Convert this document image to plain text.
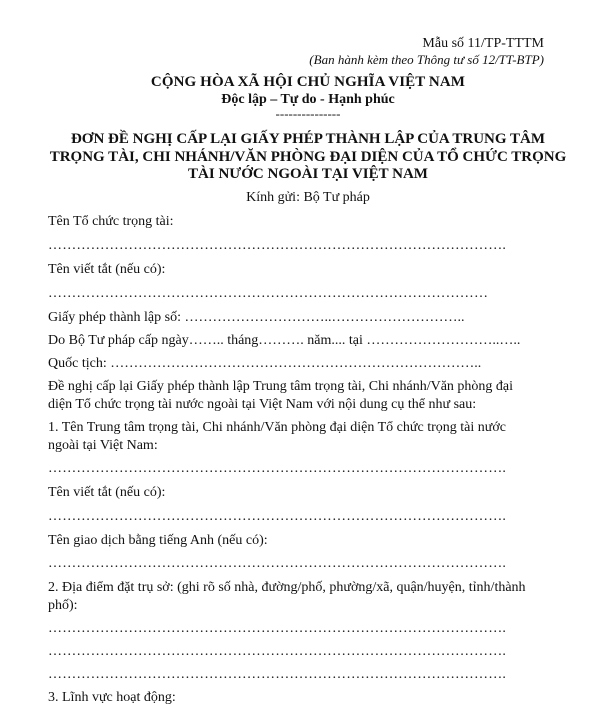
Mẫu số 11/TP-TTTM
(Ban hành kèm theo Thông tư số 12/TT-BTP)
CỘNG HÒA XÃ HỘI CHỦ NGHĨA VIỆT NAM
Độc lập – Tự do - Hạnh phúc
---------------
ĐƠN ĐỀ NGHỊ CẤP LẠI GIẤY PHÉP THÀNH LẬP CỦA TRUNG TÂM
TRỌNG TÀI, CHI NHÁNH/VĂN PHÒNG ĐẠI DIỆN CỦA TỔ CHỨC TRỌNG
TÀI NƯỚC NGOÀI TẠI VIỆT NAM
Kính gửi: Bộ Tư pháp
Tên Tổ chức trọng tài:
…………………………………………………………………………………….
Tên viết tắt (nếu có):
…………………………………………………………………………………
Giấy phép thành lập số: …………………………..………………………..
Do Bộ Tư pháp cấp ngày…….. tháng………. năm.... tại ………………………..…..
Quốc tịch: ……………………………………………………………………..
Đề nghị cấp lại Giấy phép thành lập Trung tâm trọng tài, Chi nhánh/Văn phòng đại
diện Tổ chức trọng tài nước ngoài tại Việt Nam với nội dung cụ thể như sau:
1. Tên Trung tâm trọng tài, Chi nhánh/Văn phòng đại diện Tổ chức trọng tài nước
ngoài tại Việt Nam:
…………………………………………………………………………………….
Tên viết tắt (nếu có):
…………………………………………………………………………………….
Tên giao dịch bằng tiếng Anh (nếu có):
…………………………………………………………………………………….
2. Địa điểm đặt trụ sở: (ghi rõ số nhà, đường/phố, phường/xã, quận/huyện, tỉnh/thành
phố):
…………………………………………………………………………………….
…………………………………………………………………………………….
…………………………………………………………………………………….
3. Lĩnh vực hoạt động:
